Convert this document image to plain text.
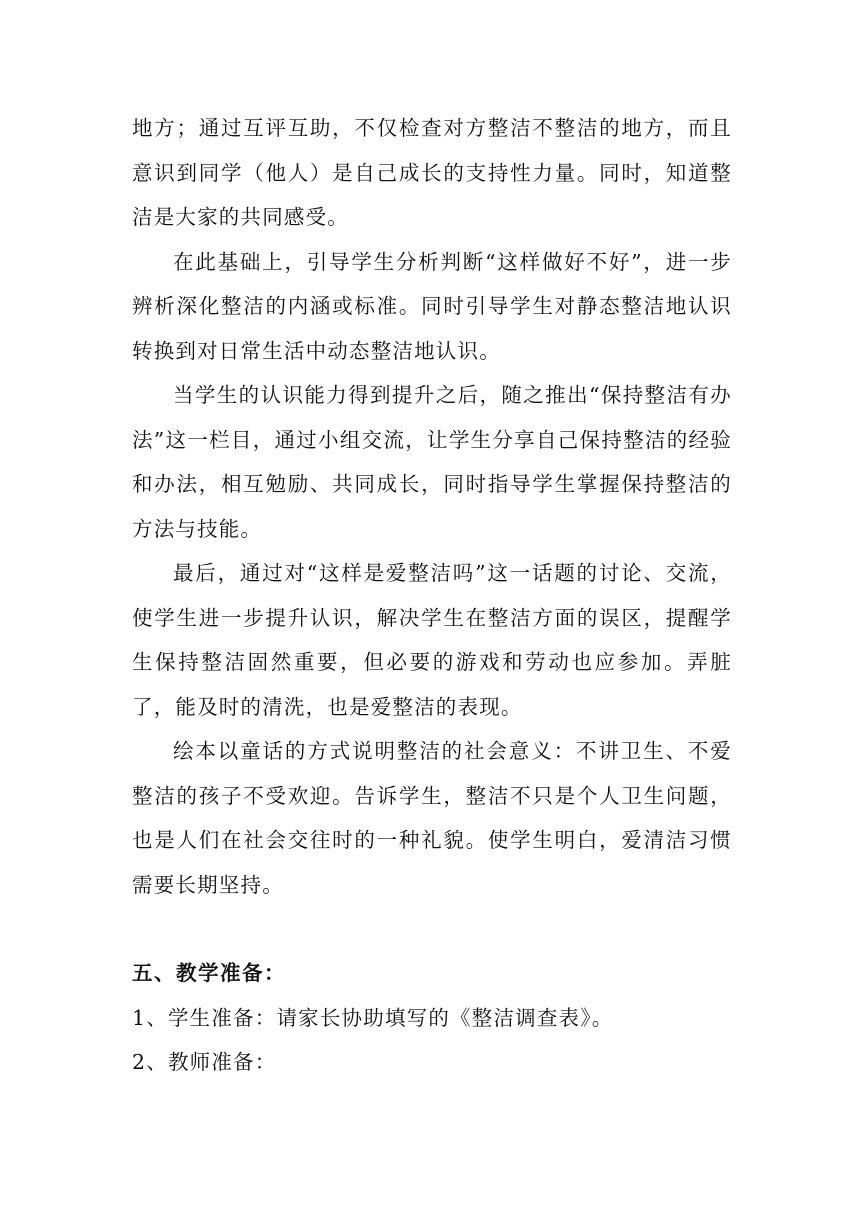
地方；通过互评互助，不仅检查对方整洁不整洁的地方，而且意识到同学（他人）是自己成长的支持性力量。同时，知道整洁是大家的共同感受。

在此基础上，引导学生分析判断“这样做好不好”，进一步辨析深化整洁的内涵或标准。同时引导学生对静态整洁地认识转换到对日常生活中动态整洁地认识。

当学生的认识能力得到提升之后，随之推出“保持整洁有办法”这一栏目，通过小组交流，让学生分享自己保持整洁的经验和办法，相互勉励、共同成长，同时指导学生掌握保持整洁的方法与技能。

最后，通过对“这样是爱整洁吗”这一话题的讨论、交流，使学生进一步提升认识，解决学生在整洁方面的误区，提醒学生保持整洁固然重要，但必要的游戏和劳动也应参加。弄脏了，能及时的清洗，也是爱整洁的表现。

绘本以童话的方式说明整洁的社会意义：不讲卫生、不爱整洁的孩子不受欢迎。告诉学生，整洁不只是个人卫生问题，也是人们在社会交往时的一种礼貌。使学生明白，爱清洁习惯需要长期坚持。

五、教学准备：

1、学生准备：请家长协助填写的《整洁调查表》。

2、教师准备：
